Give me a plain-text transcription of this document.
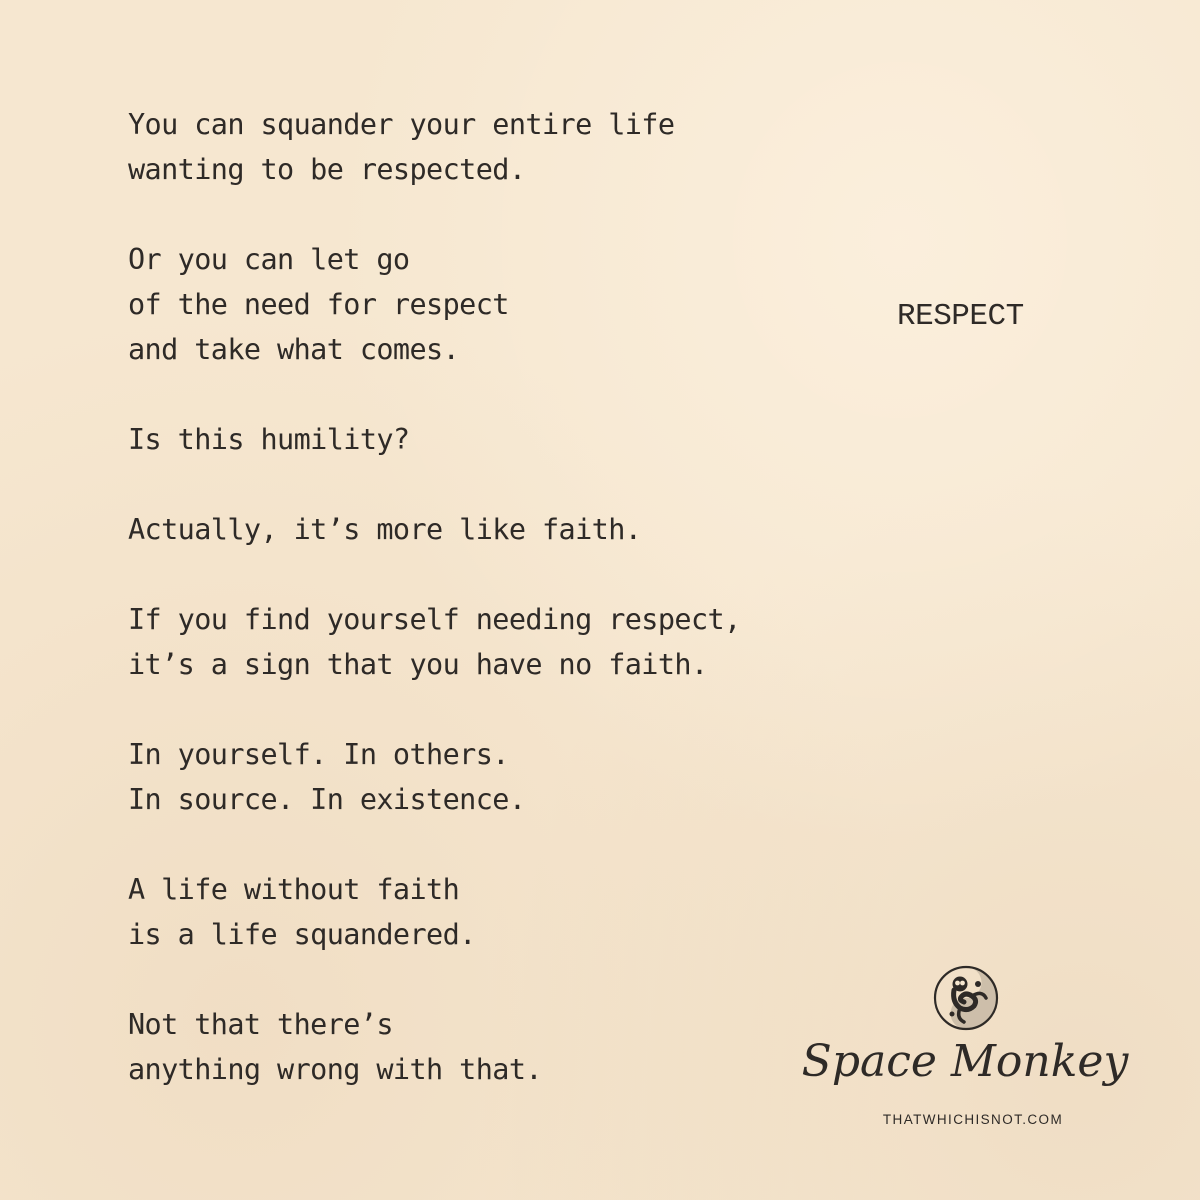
You can squander your entire life
wanting to be respected.
Or you can let go
of the need for respect
and take what comes.
Is this humility?
Actually, it’s more like faith.
If you find yourself needing respect,
it’s a sign that you have no faith.
In yourself. In others.
In source. In existence.
A life without faith
is a life squandered.
Not that there’s
anything wrong with that.
RESPECT
Space Monkey
THATWHICHISNOT.COM
